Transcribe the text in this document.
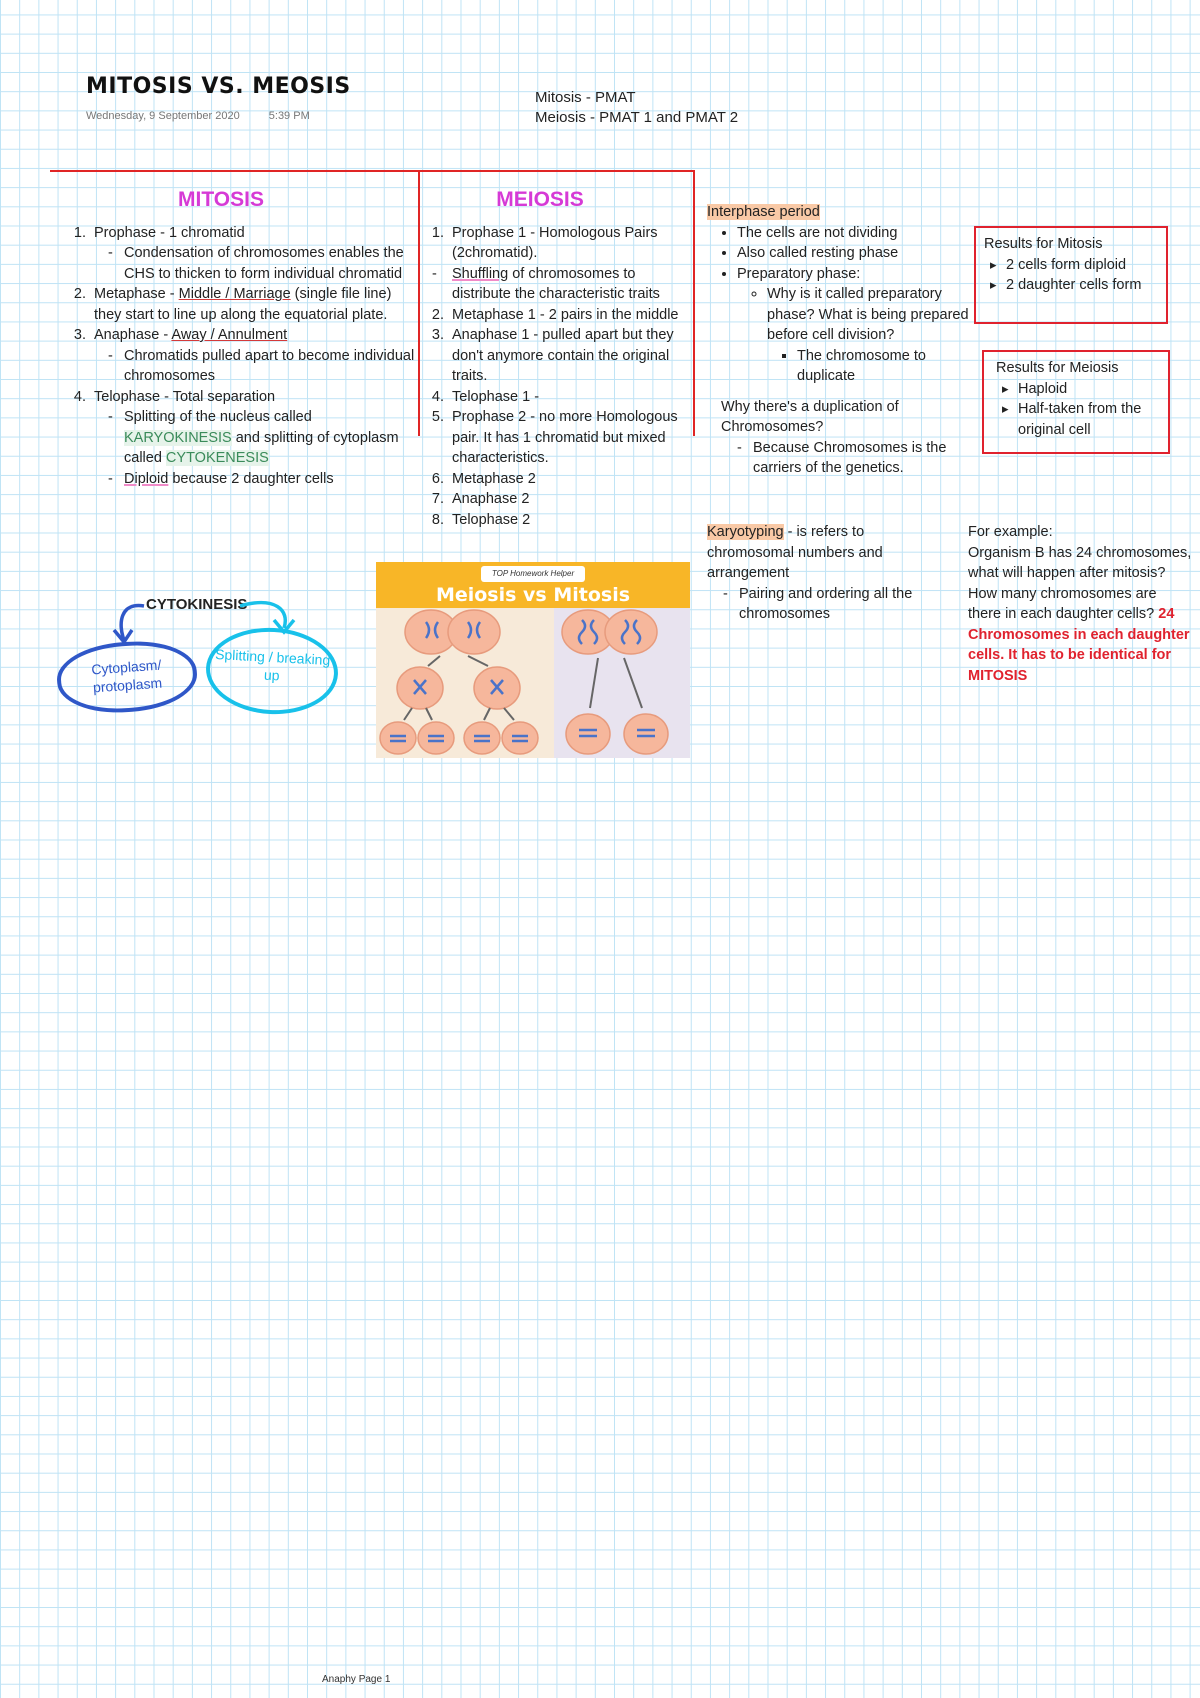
MITOSIS VS. MEOSIS
Wednesday, 9 September 2020	5:39 PM
Mitosis - PMAT
Meiosis - PMAT 1 and PMAT 2
MITOSIS
1. Prophase - 1 chromatid
- Condensation of chromosomes enables the CHS to thicken to form individual chromatid
2. Metaphase - Middle / Marriage (single file line) they start to line up along the equatorial plate.
3. Anaphase - Away / Annulment
- Chromatids pulled apart to become individual chromosomes
4. Telophase - Total separation
- Splitting of the nucleus called KARYOKINESIS and splitting of cytoplasm called CYTOKENESIS
- Diploid because 2 daughter cells
MEIOSIS
1. Prophase 1 - Homologous Pairs (2chromatid).
- Shuffling of chromosomes to distribute the characteristic traits
2. Metaphase 1 - 2 pairs in the middle
3. Anaphase 1 - pulled apart but they don't anymore contain the original traits.
4. Telophase 1 -
5. Prophase 2 - no more Homologous pair. It has 1 chromatid but mixed characteristics.
6. Metaphase 2
7. Anaphase 2
8. Telophase 2
Interphase period
• The cells are not dividing
• Also called resting phase
• Preparatory phase:
◦ Why is it called preparatory phase? What is being prepared before cell division?
▪ The chromosome to duplicate
Why there's a duplication of Chromosomes?
- Because Chromosomes is the carriers of the genetics.
Results for Mitosis
▸ 2 cells form diploid
▸ 2 daughter cells form
Results for Meiosis
▸ Haploid
▸ Half-taken from the original cell
Karyotyping - is refers to chromosomal numbers and arrangement
- Pairing and ordering all the chromosomes
For example:
Organism B has 24 chromosomes, what will happen after mitosis? How many chromosomes are there in each daughter cells? 24 Chromosomes in each daughter cells. It has to be identical for MITOSIS
CYTOKINESIS
Cytoplasm/ protoplasm
Splitting / breaking up
TOP Homework Helper
Meiosis vs Mitosis
Anaphy Page 1
